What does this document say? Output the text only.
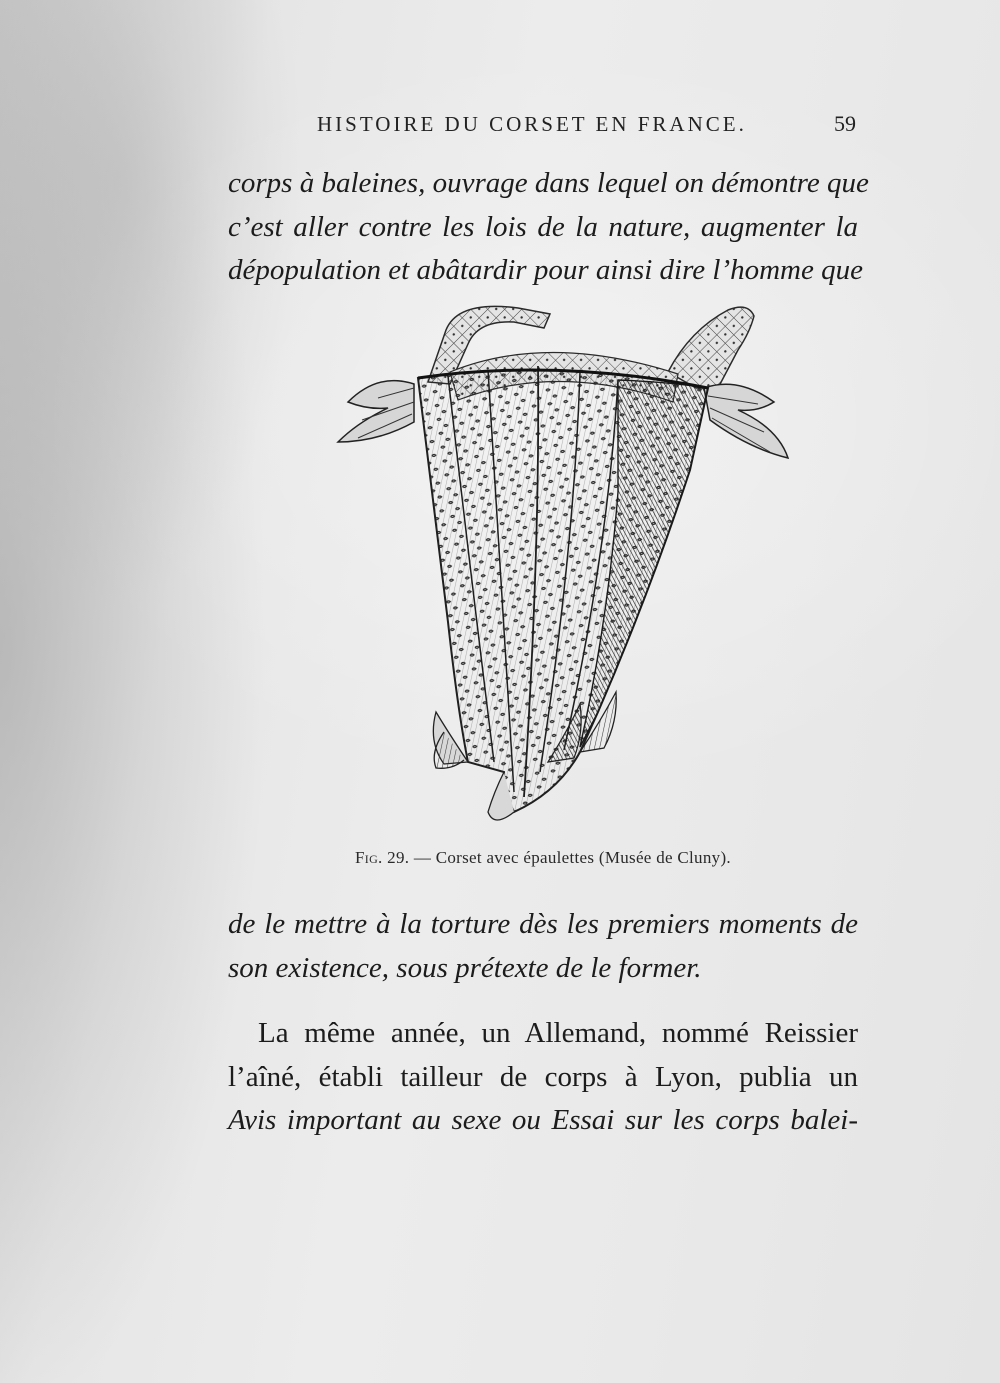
HISTOIRE DU CORSET EN FRANCE.	59
corps à baleines, ouvrage dans lequel on démontre que
c’est aller contre les lois de la nature, augmenter la
dépopulation et abâtardir pour ainsi dire l’homme que
Fig. 29. — Corset avec épaulettes (Musée de Cluny).
de le mettre à la torture dès les premiers moments de
son existence, sous prétexte de le former.
La même année, un Allemand, nommé Reissier
l’aîné, établi tailleur de corps à Lyon, publia un
Avis important au sexe ou Essai sur les corps balei-
